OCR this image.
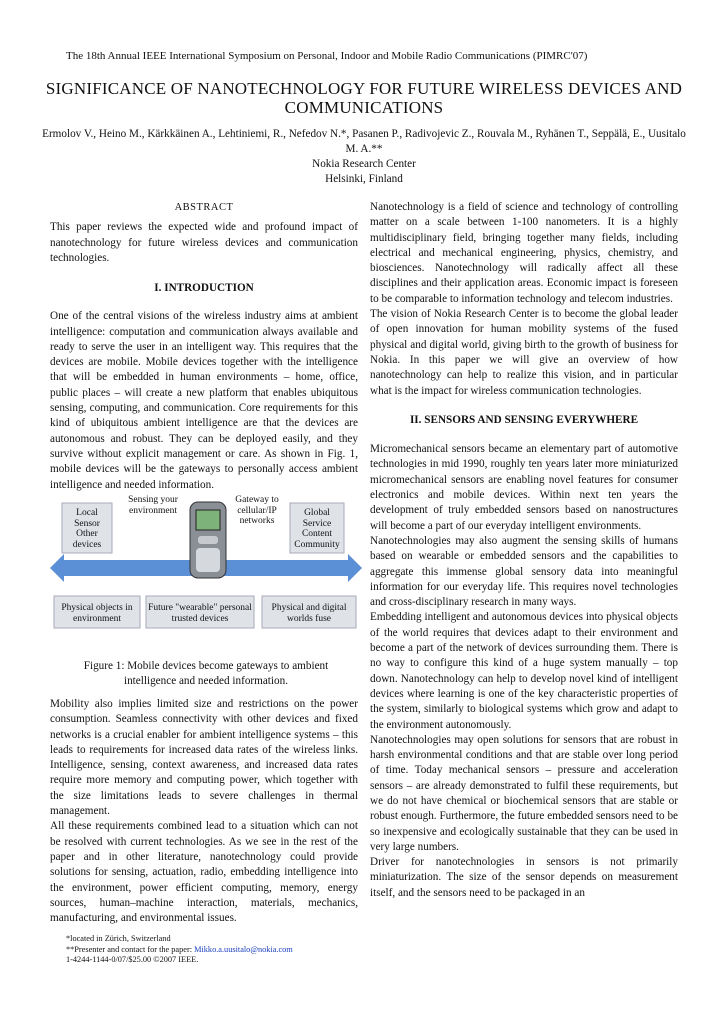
The 18th Annual IEEE International Symposium on Personal, Indoor and Mobile Radio Communications (PIMRC'07)
SIGNIFICANCE OF NANOTECHNOLOGY FOR FUTURE WIRELESS DEVICES AND COMMUNICATIONS
Ermolov V., Heino M., Kärkkäinen A., Lehtiniemi, R., Nefedov N.*, Pasanen P., Radivojevic Z., Rouvala M., Ryhänen T., Seppälä, E., Uusitalo M. A.**
Nokia Research Center
Helsinki, Finland
ABSTRACT

This paper reviews the expected wide and profound impact of nanotechnology for future wireless devices and communication technologies.

I. INTRODUCTION

One of the central visions of the wireless industry aims at ambient intelligence: computation and communication always available and ready to serve the user in an intelligent way. This requires that the devices are mobile. Mobile devices together with the intelligence that will be embedded in human environments – home, office, public places – will create a new platform that enables ubiquitous sensing, computing, and communication. Core requirements for this kind of ubiquitous ambient intelligence are that the devices are autonomous and robust. They can be deployed easily, and they survive without explicit management or care. As shown in Fig. 1, mobile devices will be the gateways to personally access ambient intelligence and needed information.

Local Sensor Other devices
Sensing your environment
Gateway to cellular/IP networks
Global Service Content Community
Physical objects in environment
Future "wearable" personal trusted devices
Physical and digital worlds fuse
Figure 1: Mobile devices become gateways to ambient intelligence and needed information.

Mobility also implies limited size and restrictions on the power consumption. Seamless connectivity with other devices and fixed networks is a crucial enabler for ambient intelligence systems – this leads to requirements for increased data rates of the wireless links. Intelligence, sensing, context awareness, and increased data rates require more memory and computing power, which together with the size limitations leads to severe challenges in thermal management.

All these requirements combined lead to a situation which can not be resolved with current technologies. As we see in the rest of the paper and in other literature, nanotechnology could provide solutions for sensing, actuation, radio, embedding intelligence into the environment, power efficient computing, memory, energy sources, human–machine interaction, materials, mechanics, manufacturing, and environmental issues.

Nanotechnology is a field of science and technology of controlling matter on a scale between 1-100 nanometers. It is a highly multidisciplinary field, bringing together many fields, including electrical and mechanical engineering, physics, chemistry, and biosciences. Nanotechnology will radically affect all these disciplines and their application areas. Economic impact is foreseen to be comparable to information technology and telecom industries.

The vision of Nokia Research Center is to become the global leader of open innovation for human mobility systems of the fused physical and digital world, giving birth to the growth of business for Nokia. In this paper we will give an overview of how nanotechnology can help to realize this vision, and in particular what is the impact for wireless communication technologies.

II. SENSORS AND SENSING EVERYWHERE

Micromechanical sensors became an elementary part of automotive technologies in mid 1990, roughly ten years later more miniaturized micromechanical sensors are enabling novel features for consumer electronics and mobile devices. Within next ten years the development of truly embedded sensors based on nanostructures will become a part of our everyday intelligent environments.

Nanotechnologies may also augment the sensing skills of humans based on wearable or embedded sensors and the capabilities to aggregate this immense global sensory data into meaningful information for our everyday life. This requires novel technologies and cross-disciplinary research in many ways.

Embedding intelligent and autonomous devices into physical objects of the world requires that devices adapt to their environment and become a part of the network of devices surrounding them. There is no way to configure this kind of a huge system manually – top down. Nanotechnology can help to develop novel kind of intelligent devices where learning is one of the key characteristic properties of the system, similarly to biological systems which grow and adapt to the environment autonomously.

Nanotechnologies may open solutions for sensors that are robust in harsh environmental conditions and that are stable over long period of time. Today mechanical sensors – pressure and acceleration sensors – are already demonstrated to fulfil these requirements, but we do not have chemical or biochemical sensors that are stable or robust enough. Furthermore, the future embedded sensors need to be so inexpensive and ecologically sustainable that they can be used in very large numbers.

Driver for nanotechnologies in sensors is not primarily miniaturization. The size of the sensor depends on measurement itself, and the sensors need to be packaged in an

*located in Zürich, Switzerland
**Presenter and contact for the paper: Mikko.a.uusitalo@nokia.com
1-4244-1144-0/07/$25.00 ©2007 IEEE.
